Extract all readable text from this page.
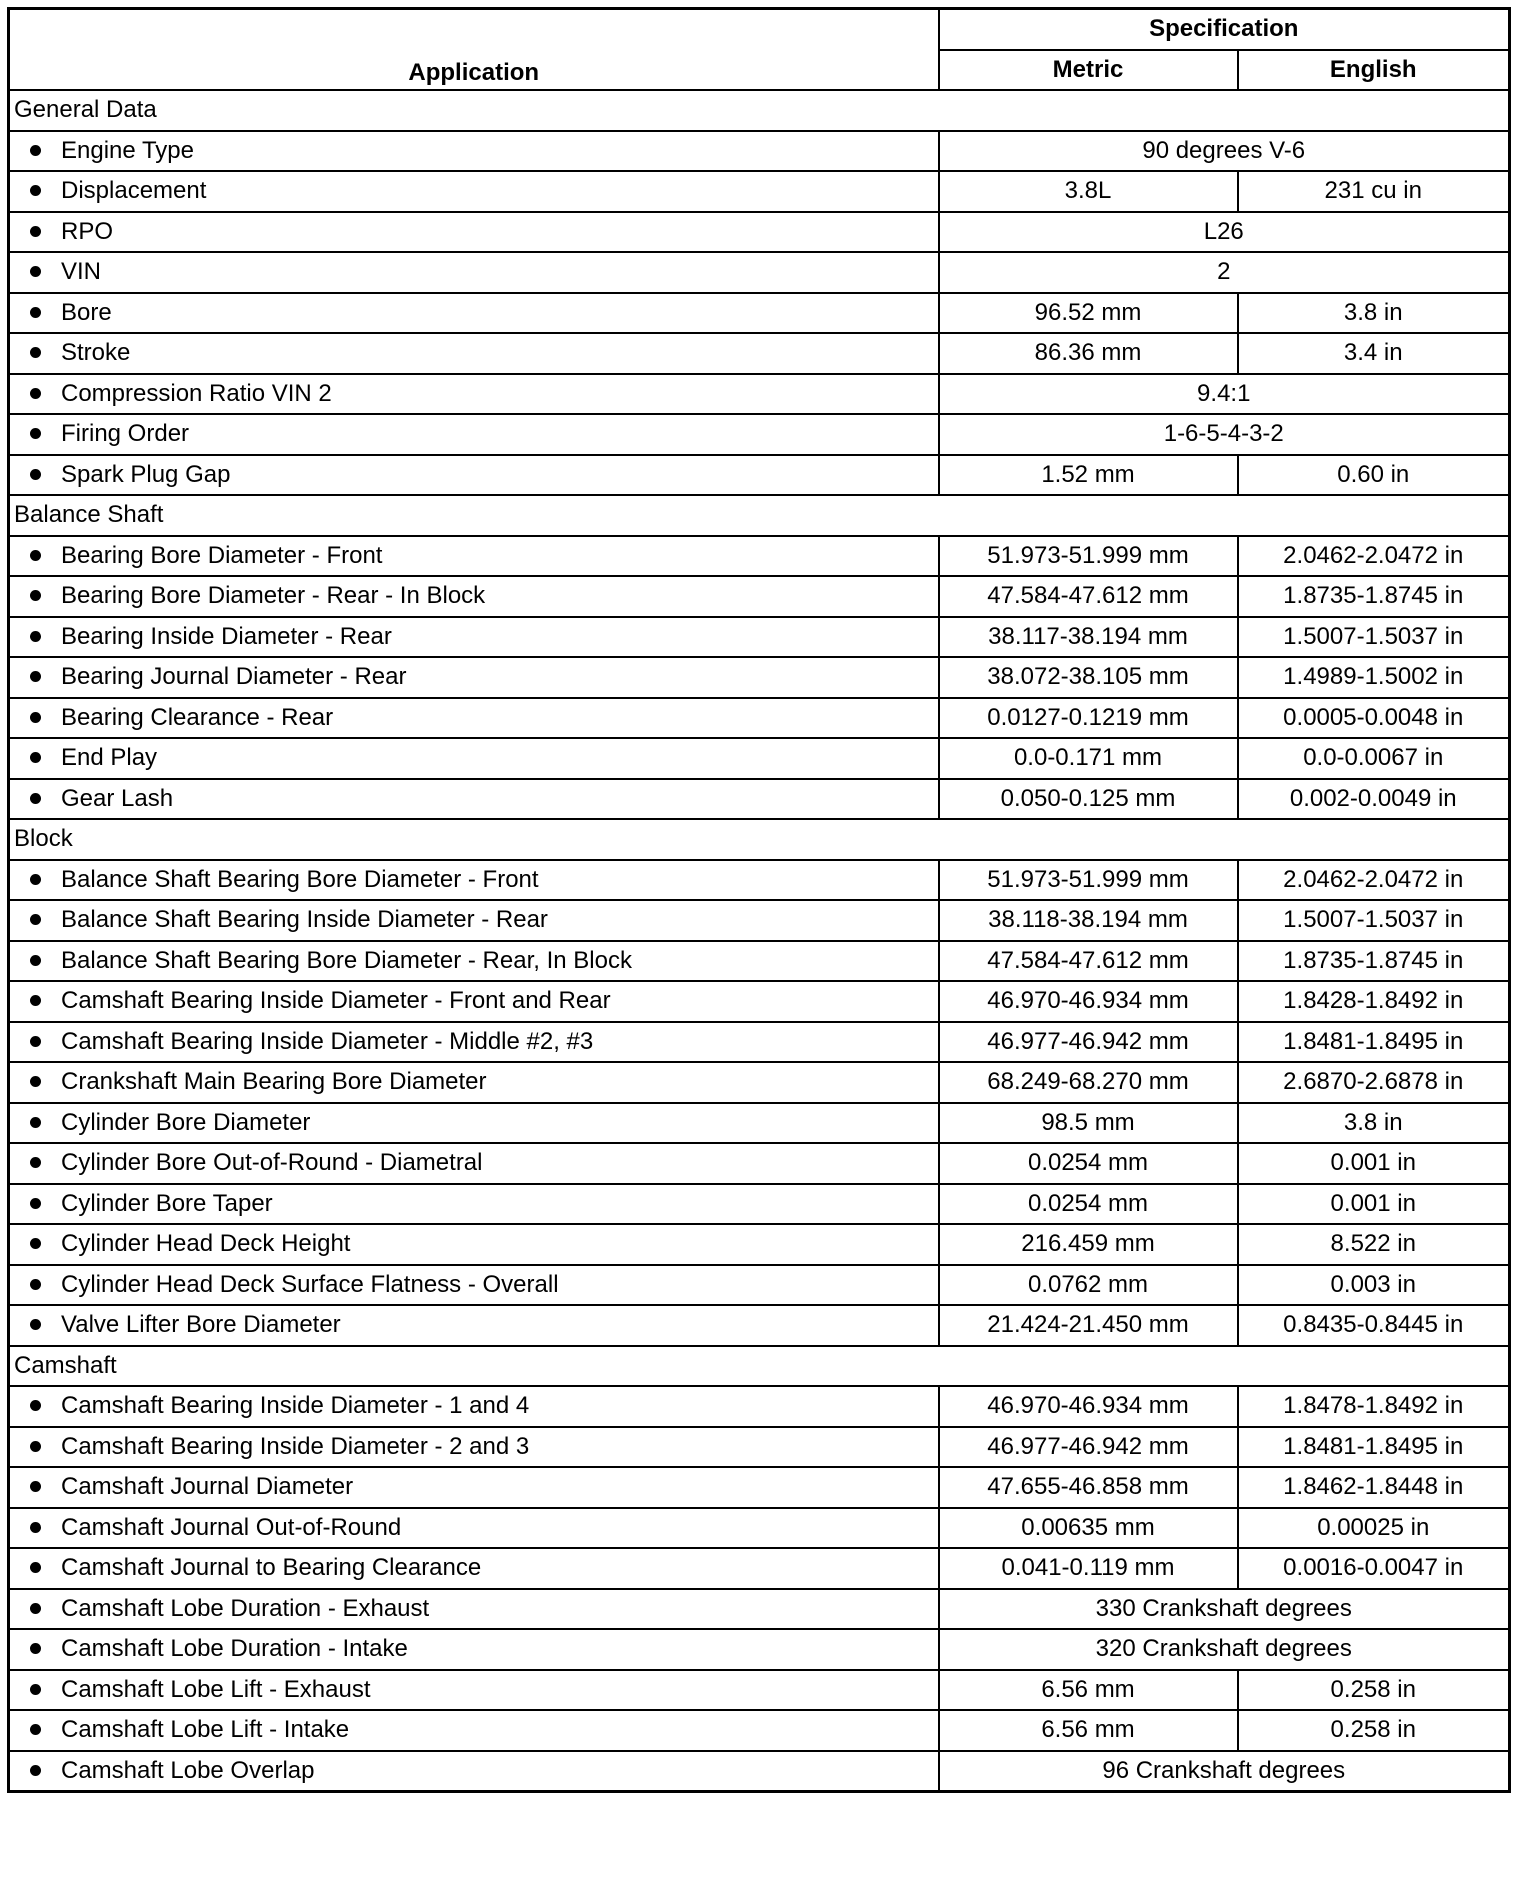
Application	Specification	
	Metric	English
General Data		
Engine Type	90 degrees V-6	
Displacement	3.8L	231 cu in
RPO	L26	
VIN	2	
Bore	96.52 mm	3.8 in
Stroke	86.36 mm	3.4 in
Compression Ratio VIN 2	9.4:1	
Firing Order	1-6-5-4-3-2	
Spark Plug Gap	1.52 mm	0.60 in
Balance Shaft		
Bearing Bore Diameter - Front	51.973-51.999 mm	2.0462-2.0472 in
Bearing Bore Diameter - Rear - In Block	47.584-47.612 mm	1.8735-1.8745 in
Bearing Inside Diameter - Rear	38.117-38.194 mm	1.5007-1.5037 in
Bearing Journal Diameter - Rear	38.072-38.105 mm	1.4989-1.5002 in
Bearing Clearance - Rear	0.0127-0.1219 mm	0.0005-0.0048 in
End Play	0.0-0.171 mm	0.0-0.0067 in
Gear Lash	0.050-0.125 mm	0.002-0.0049 in
Block		
Balance Shaft Bearing Bore Diameter - Front	51.973-51.999 mm	2.0462-2.0472 in
Balance Shaft Bearing Inside Diameter - Rear	38.118-38.194 mm	1.5007-1.5037 in
Balance Shaft Bearing Bore Diameter - Rear, In Block	47.584-47.612 mm	1.8735-1.8745 in
Camshaft Bearing Inside Diameter - Front and Rear	46.970-46.934 mm	1.8428-1.8492 in
Camshaft Bearing Inside Diameter - Middle #2, #3	46.977-46.942 mm	1.8481-1.8495 in
Crankshaft Main Bearing Bore Diameter	68.249-68.270 mm	2.6870-2.6878 in
Cylinder Bore Diameter	98.5 mm	3.8 in
Cylinder Bore Out-of-Round - Diametral	0.0254 mm	0.001 in
Cylinder Bore Taper	0.0254 mm	0.001 in
Cylinder Head Deck Height	216.459 mm	8.522 in
Cylinder Head Deck Surface Flatness - Overall	0.0762 mm	0.003 in
Valve Lifter Bore Diameter	21.424-21.450 mm	0.8435-0.8445 in
Camshaft		
Camshaft Bearing Inside Diameter - 1 and 4	46.970-46.934 mm	1.8478-1.8492 in
Camshaft Bearing Inside Diameter - 2 and 3	46.977-46.942 mm	1.8481-1.8495 in
Camshaft Journal Diameter	47.655-46.858 mm	1.8462-1.8448 in
Camshaft Journal Out-of-Round	0.00635 mm	0.00025 in
Camshaft Journal to Bearing Clearance	0.041-0.119 mm	0.0016-0.0047 in
Camshaft Lobe Duration - Exhaust	330 Crankshaft degrees	
Camshaft Lobe Duration - Intake	320 Crankshaft degrees	
Camshaft Lobe Lift - Exhaust	6.56 mm	0.258 in
Camshaft Lobe Lift - Intake	6.56 mm	0.258 in
Camshaft Lobe Overlap	96 Crankshaft degrees	
